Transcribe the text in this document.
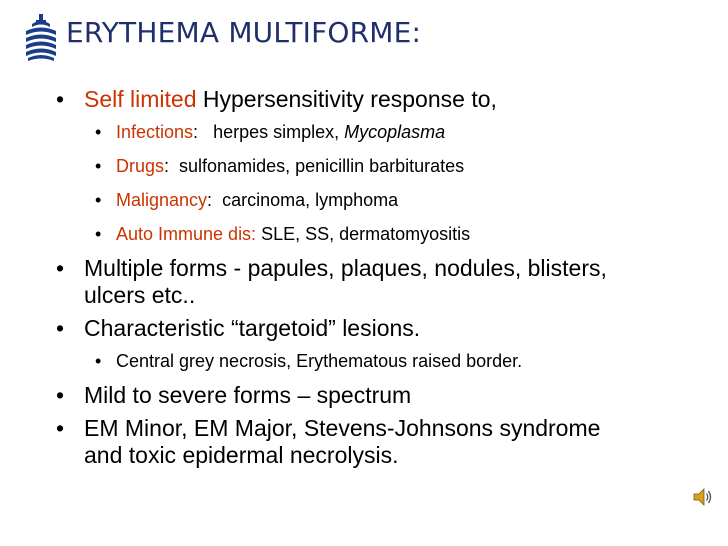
ERYTHEMA MULTIFORME:
• Self limited Hypersensitivity response to,
• Infections:   herpes simplex, Mycoplasma
• Drugs:  sulfonamides, penicillin barbiturates
• Malignancy:  carcinoma, lymphoma
• Auto Immune dis: SLE, SS, dermatomyositis
• Multiple forms - papules, plaques, nodules, blisters, ulcers etc..
• Characteristic “targetoid” lesions.
• Central grey necrosis, Erythematous raised border.
• Mild to severe forms – spectrum
• EM Minor, EM Major, Stevens-Johnsons syndrome and toxic epidermal necrolysis.
